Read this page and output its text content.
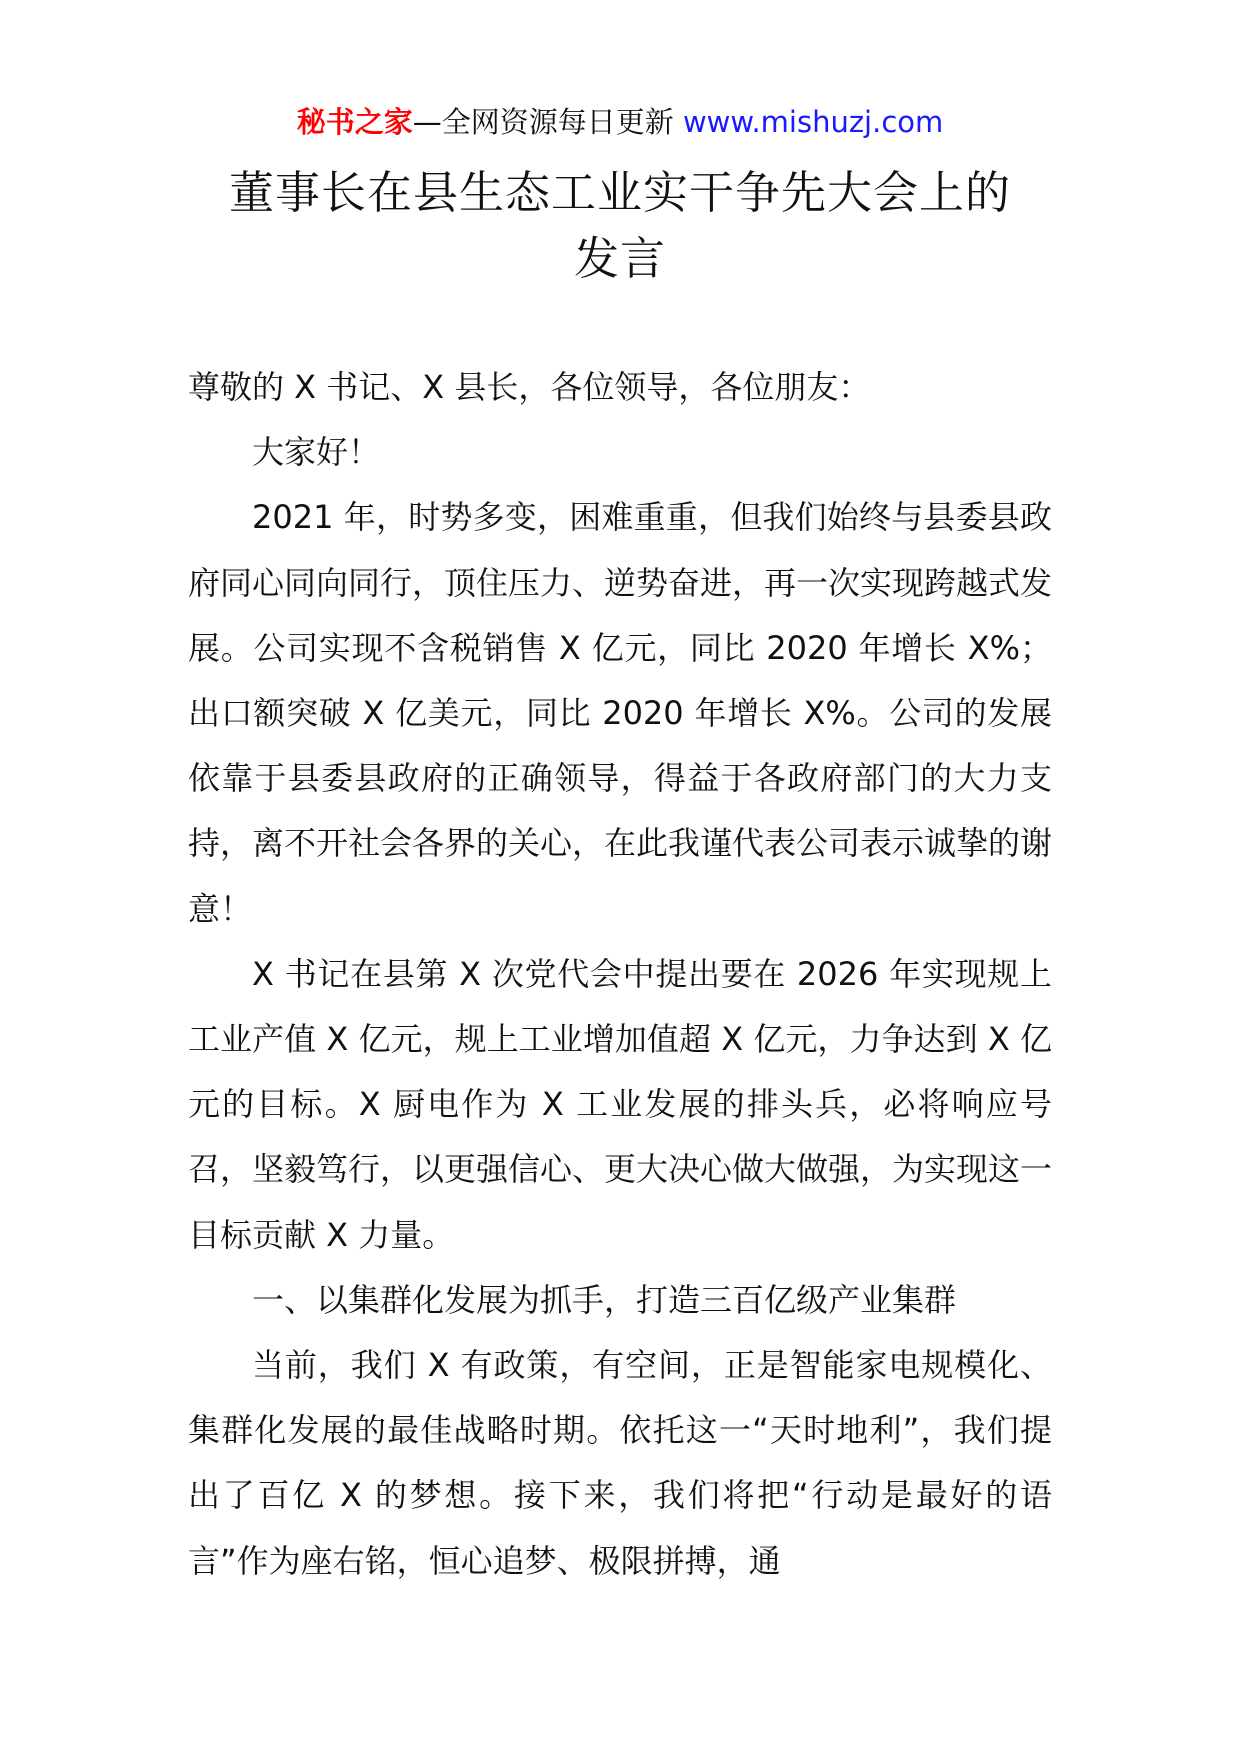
秘书之家—全网资源每日更新 www.mishuzj.com
董事长在县生态工业实干争先大会上的
发言

尊敬的 X 书记、X 县长，各位领导，各位朋友：

大家好！

2021 年，时势多变，困难重重，但我们始终与县委县政府同心同向同行，顶住压力、逆势奋进，再一次实现跨越式发展。公司实现不含税销售 X 亿元，同比 2020 年增长 X%；出口额突破 X 亿美元，同比 2020 年增长 X%。公司的发展依靠于县委县政府的正确领导，得益于各政府部门的大力支持，离不开社会各界的关心，在此我谨代表公司表示诚挚的谢意！

X 书记在县第 X 次党代会中提出要在 2026 年实现规上工业产值 X 亿元，规上工业增加值超 X 亿元，力争达到 X 亿元的目标。X 厨电作为 X 工业发展的排头兵，必将响应号召，坚毅笃行，以更强信心、更大决心做大做强，为实现这一目标贡献 X 力量。

一、以集群化发展为抓手，打造三百亿级产业集群

当前，我们 X 有政策，有空间，正是智能家电规模化、集群化发展的最佳战略时期。依托这一“天时地利”，我们提出了百亿 X 的梦想。接下来，我们将把“行动是最好的语言”作为座右铭，恒心追梦、极限拼搏，通
